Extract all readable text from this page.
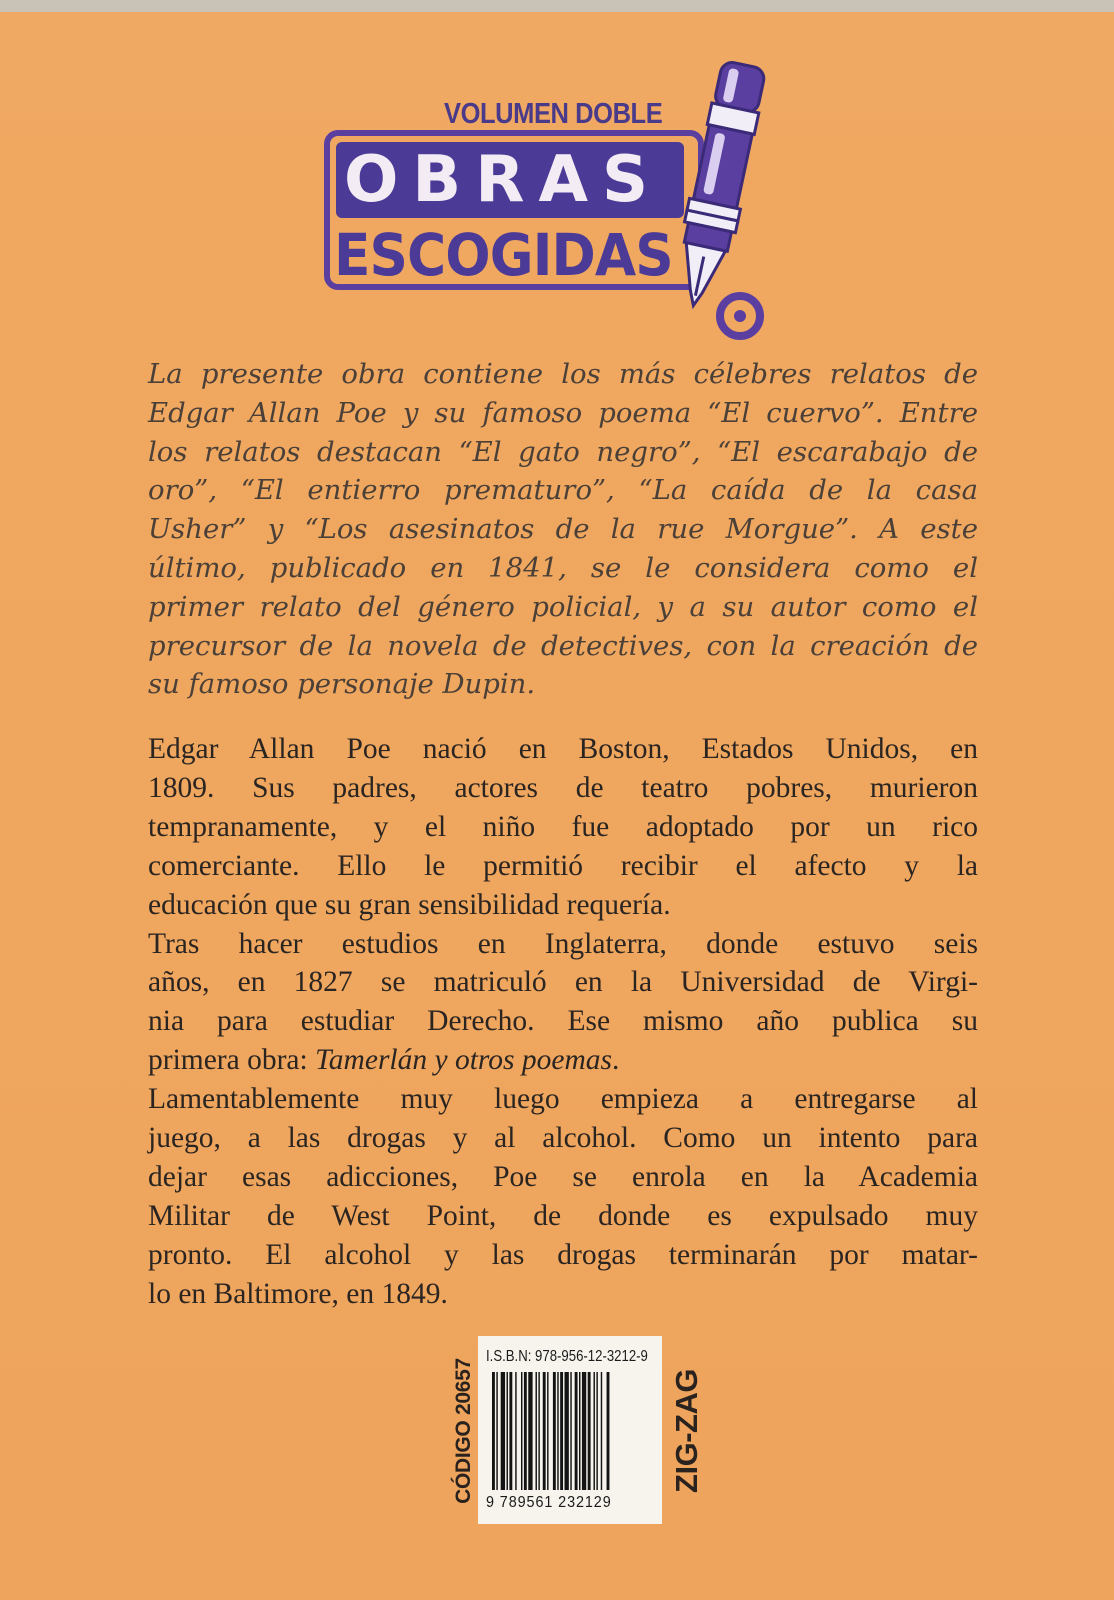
VOLUMEN DOBLE
OBRAS
ESCOGIDAS
La presente obra contiene los más célebres relatos de
Edgar Allan Poe y su famoso poema “El cuervo”. Entre
los relatos destacan “El gato negro”, “El escarabajo de
oro”, “El entierro prematuro”, “La caída de la casa
Usher” y “Los asesinatos de la rue Morgue”. A este
último, publicado en 1841, se le considera como el
primer relato del género policial, y a su autor como el
precursor de la novela de detectives, con la creación de
su famoso personaje Dupin.

Edgar Allan Poe nació en Boston, Estados Unidos, en
1809. Sus padres, actores de teatro pobres, murieron
tempranamente, y el niño fue adoptado por un rico
comerciante. Ello le permitió recibir el afecto y la
educación que su gran sensibilidad requería.

Tras hacer estudios en Inglaterra, donde estuvo seis
años, en 1827 se matriculó en la Universidad de Virgi-
nia para estudiar Derecho. Ese mismo año publica su
primera obra: Tamerlán y otros poemas.

Lamentablemente muy luego empieza a entregarse al
juego, a las drogas y al alcohol. Como un intento para
dejar esas adicciones, Poe se enrola en la Academia
Militar de West Point, de donde es expulsado muy
pronto. El alcohol y las drogas terminarán por matar-
lo en Baltimore, en 1849.

CÓDIGO 20657
I.S.B.N: 978-956-12-3212-9
9 789561 232129
ZIG-ZAG
